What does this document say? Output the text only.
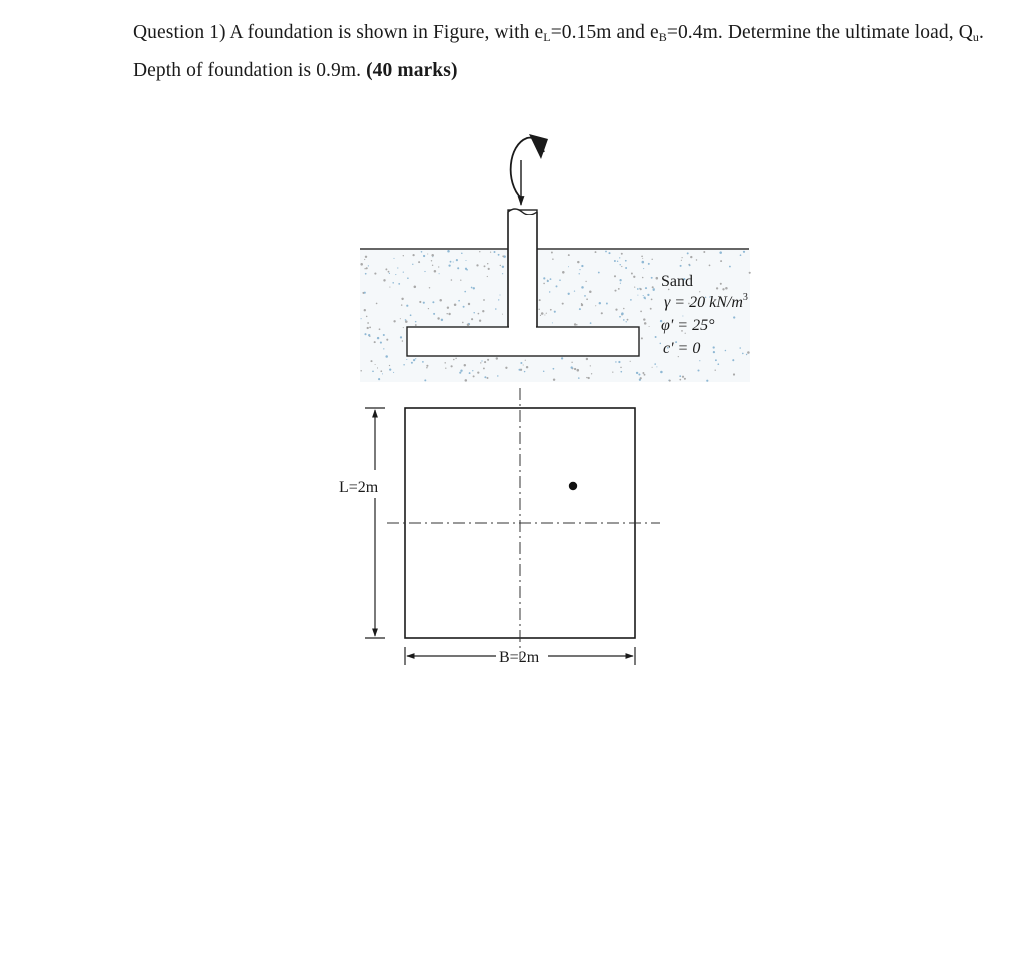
Question 1) A foundation is shown in Figure, with $e_L=0.15m$ and $e_B=0.4m$. Determine the ultimate load, $Q_u$. Depth of foundation is 0.9m. (40 marks)
Sand
γ = 20 $kN/m^3$
φ' = 25°
c' = 0
L=2m
B=2m
